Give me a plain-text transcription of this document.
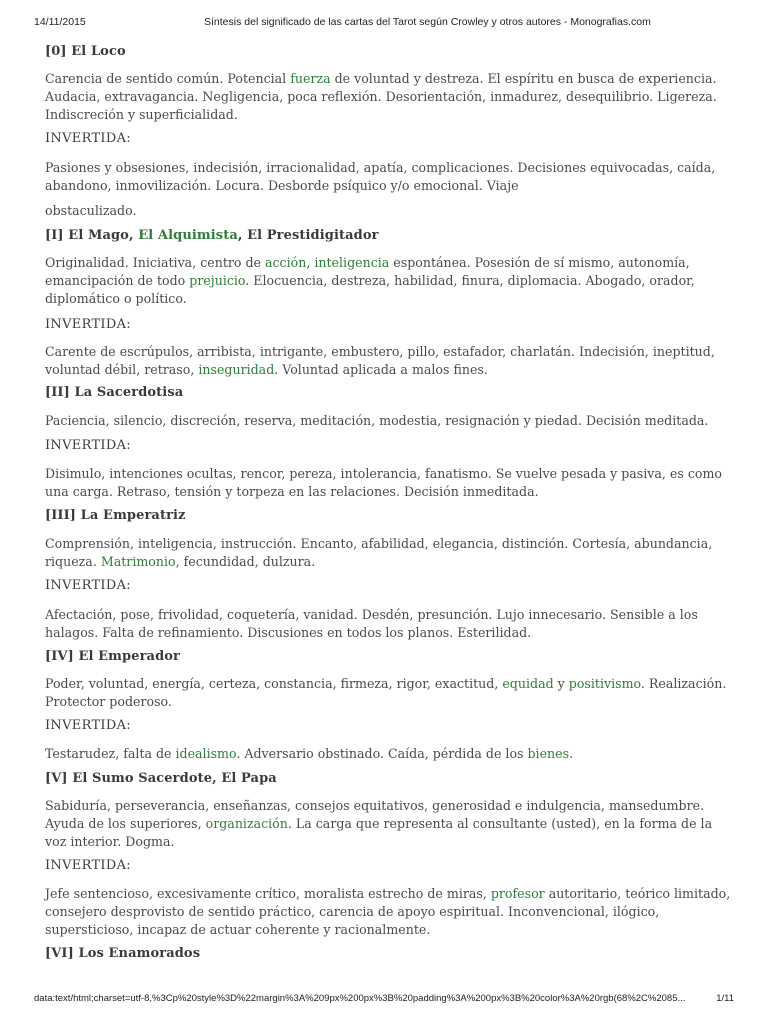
14/11/2015	Síntesis del significado de las cartas del Tarot según Crowley y otros autores - Monografias.com
[0] El Loco

Carencia de sentido común. Potencial fuerza de voluntad y destreza. El espíritu en busca de experiencia. Audacia, extravagancia. Negligencia, poca reflexión. Desorientación, inmadurez, desequilibrio. Ligereza. Indiscreción y superficialidad.

INVERTIDA:

Pasiones y obsesiones, indecisión, irracionalidad, apatía, complicaciones. Decisiones equivocadas, caída, abandono, inmovilización. Locura. Desborde psíquico y/o emocional. Viaje

obstaculizado.

[I] El Mago, El Alquimista, El Prestidigitador

Originalidad. Iniciativa, centro de acción, inteligencia espontánea. Posesión de sí mismo, autonomía, emancipación de todo prejuicio. Elocuencia, destreza, habilidad, finura, diplomacia. Abogado, orador, diplomático o político.

INVERTIDA:

Carente de escrúpulos, arribista, intrigante, embustero, pillo, estafador, charlatán. Indecisión, ineptitud, voluntad débil, retraso, inseguridad. Voluntad aplicada a malos fines.

[II] La Sacerdotisa

Paciencia, silencio, discreción, reserva, meditación, modestia, resignación y piedad. Decisión meditada.

INVERTIDA:

Disimulo, intenciones ocultas, rencor, pereza, intolerancia, fanatismo. Se vuelve pesada y pasiva, es como una carga. Retraso, tensión y torpeza en las relaciones. Decisión inmeditada.

[III] La Emperatriz

Comprensión, inteligencia, instrucción. Encanto, afabilidad, elegancia, distinción. Cortesía, abundancia, riqueza. Matrimonio, fecundidad, dulzura.

INVERTIDA:

Afectación, pose, frivolidad, coquetería, vanidad. Desdén, presunción. Lujo innecesario. Sensible a los halagos. Falta de refinamiento. Discusiones en todos los planos. Esterilidad.

[IV] El Emperador

Poder, voluntad, energía, certeza, constancia, firmeza, rigor, exactitud, equidad y positivismo. Realización. Protector poderoso.

INVERTIDA:

Testarudez, falta de idealismo. Adversario obstinado. Caída, pérdida de los bienes.

[V] El Sumo Sacerdote, El Papa

Sabiduría, perseverancia, enseñanzas, consejos equitativos, generosidad e indulgencia, mansedumbre. Ayuda de los superiores, organización. La carga que representa al consultante (usted), en la forma de la voz interior. Dogma.

INVERTIDA:

Jefe sentencioso, excesivamente crítico, moralista estrecho de miras, profesor autoritario, teórico limitado, consejero desprovisto de sentido práctico, carencia de apoyo espiritual. Inconvencional, ilógico, supersticioso, incapaz de actuar coherente y racionalmente.

[VI] Los Enamorados
data:text/html;charset=utf-8,%3Cp%20style%3D%22margin%3A%209px%200px%3B%20padding%3A%200px%3B%20color%3A%20rgb(68%2C%2085...	1/11
